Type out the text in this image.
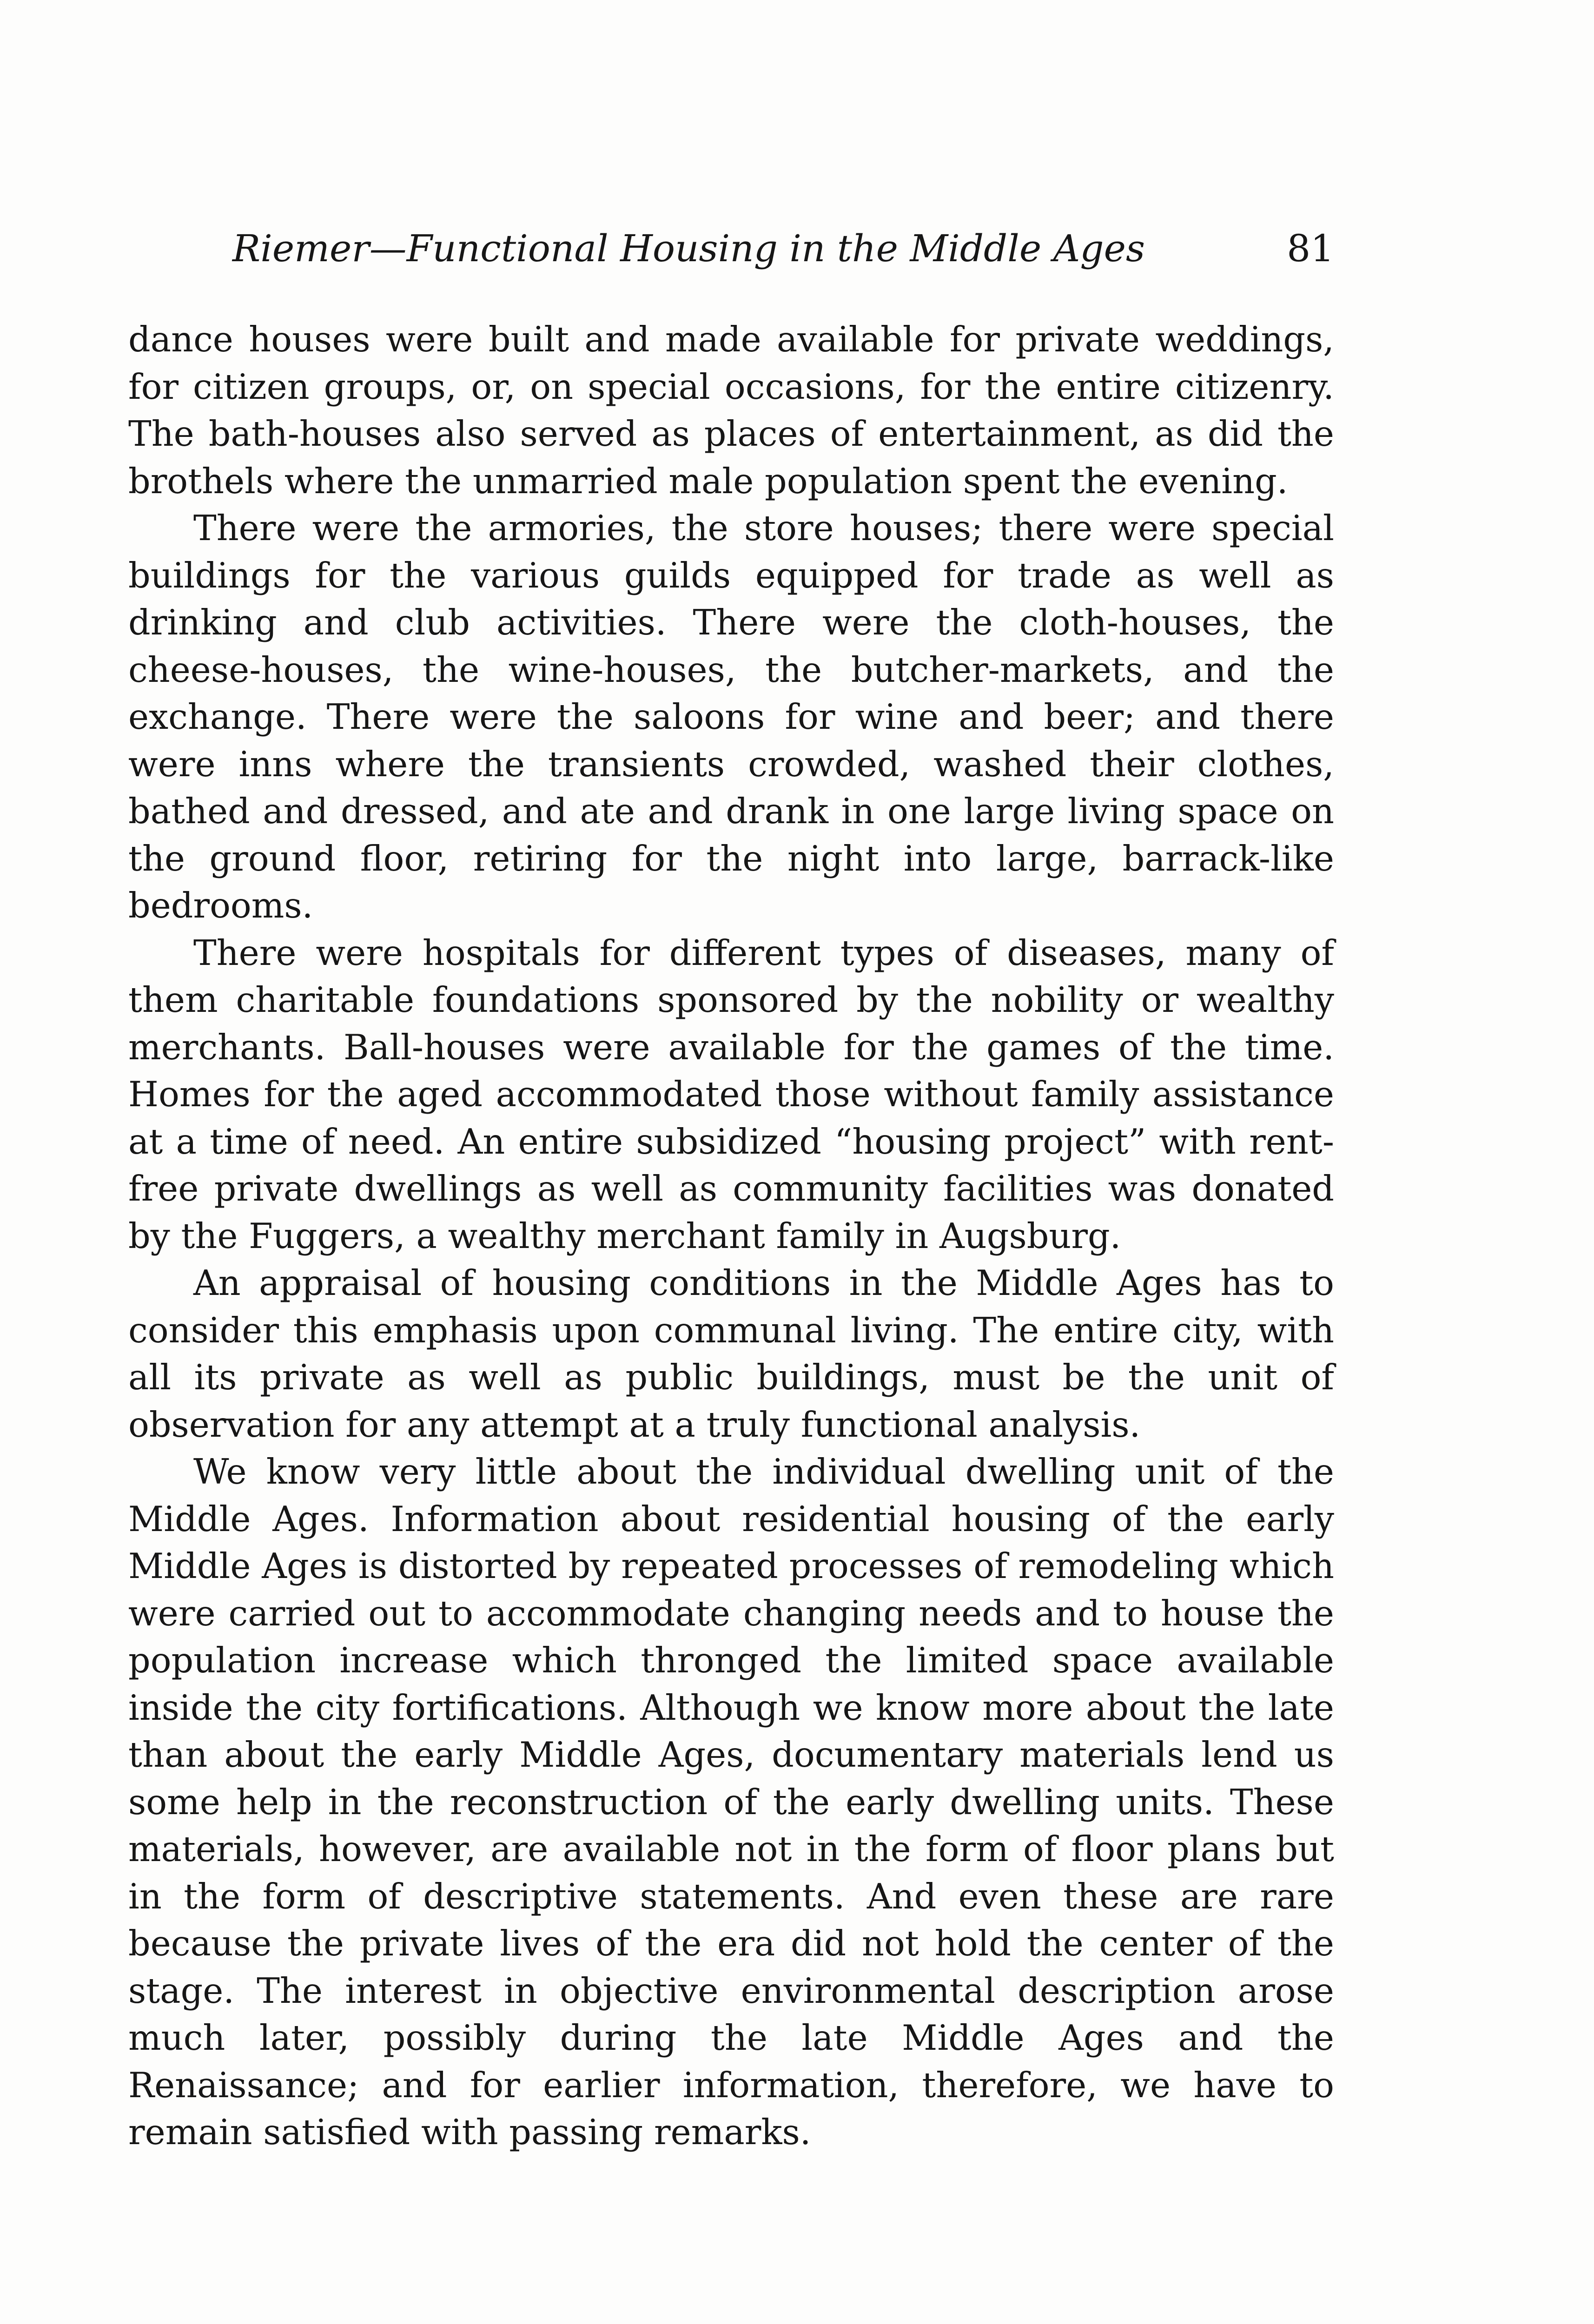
Riemer—Functional Housing in the Middle Ages	81

dance houses were built and made available for private weddings, for citizen groups, or, on special occasions, for the entire citizenry. The bath-houses also served as places of entertainment, as did the brothels where the unmarried male population spent the evening.

There were the armories, the store houses; there were special buildings for the various guilds equipped for trade as well as drinking and club activities. There were the cloth-houses, the cheese-houses, the wine-houses, the butcher-markets, and the exchange. There were the saloons for wine and beer; and there were inns where the transients crowded, washed their clothes, bathed and dressed, and ate and drank in one large living space on the ground floor, retiring for the night into large, barrack-like bedrooms.

There were hospitals for different types of diseases, many of them charitable foundations sponsored by the nobility or wealthy merchants. Ball-houses were available for the games of the time. Homes for the aged accommodated those without family assistance at a time of need. An entire subsidized “housing project” with rent-free private dwellings as well as community facilities was donated by the Fuggers, a wealthy merchant family in Augsburg.

An appraisal of housing conditions in the Middle Ages has to consider this emphasis upon communal living. The entire city, with all its private as well as public buildings, must be the unit of observation for any attempt at a truly functional analysis.

We know very little about the individual dwelling unit of the Middle Ages. Information about residential housing of the early Middle Ages is distorted by repeated processes of remodeling which were carried out to accommodate changing needs and to house the population increase which thronged the limited space available inside the city fortifications. Although we know more about the late than about the early Middle Ages, documentary materials lend us some help in the reconstruction of the early dwelling units. These materials, however, are available not in the form of floor plans but in the form of descriptive statements. And even these are rare because the private lives of the era did not hold the center of the stage. The interest in objective environmental description arose much later, possibly during the late Middle Ages and the Renaissance; and for earlier information, therefore, we have to remain satisfied with passing remarks.
